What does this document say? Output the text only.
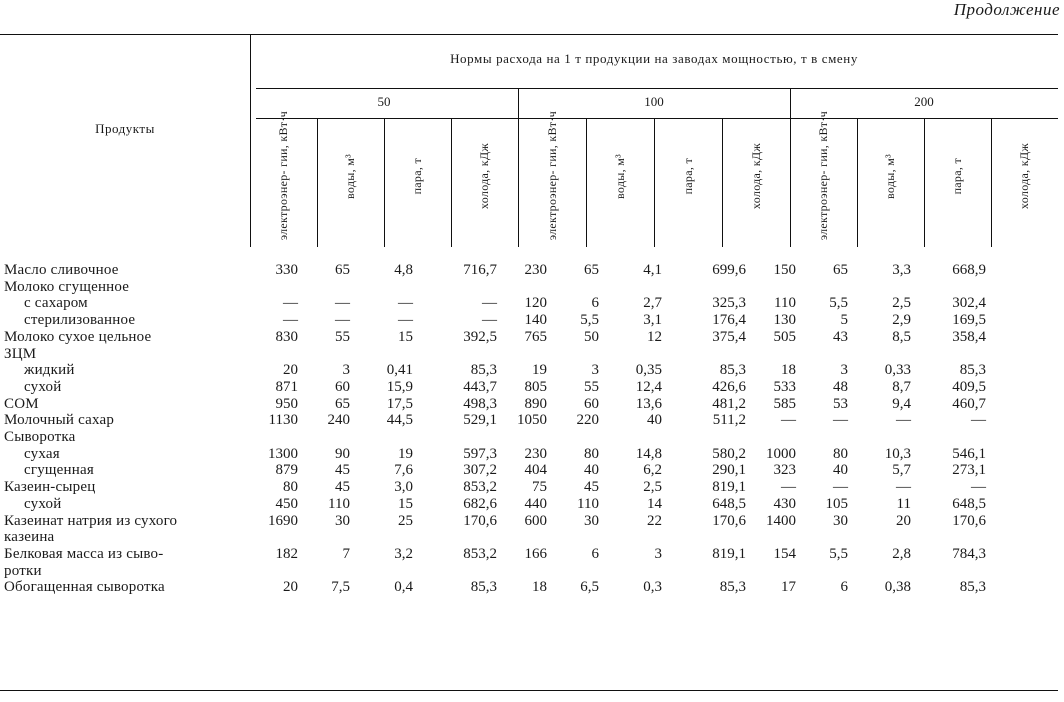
Продолжение
Нормы расхода на 1 т продукции на заводах мощностью, т в смену
Продукты
50	100	200
электроэнер- гии, кВт·ч	воды, м³	пара, т	холода, кДж	электроэнер- гии, кВт·ч	воды, м³	пара, т	холода, кДж	электроэнер- гии, кВт·ч	воды, м³	пара, т	холода, кДж
Масло сливочное	330	65	4,8	716,7	230	65	4,1	699,6	150	65	3,3	668,9
Молоко сгущенное												
с сахаром	—	—	—	—	120	6	2,7	325,3	110	5,5	2,5	302,4
стерилизованное	—	—	—	—	140	5,5	3,1	176,4	130	5	2,9	169,5
Молоко сухое цельное	830	55	15	392,5	765	50	12	375,4	505	43	8,5	358,4
ЗЦМ												
жидкий	20	3	0,41	85,3	19	3	0,35	85,3	18	3	0,33	85,3
сухой	871	60	15,9	443,7	805	55	12,4	426,6	533	48	8,7	409,5
СОМ	950	65	17,5	498,3	890	60	13,6	481,2	585	53	9,4	460,7
Молочный сахар	1130	240	44,5	529,1	1050	220	40	511,2	—	—	—	—
Сыворотка												
сухая	1300	90	19	597,3	230	80	14,8	580,2	1000	80	10,3	546,1
сгущенная	879	45	7,6	307,2	404	40	6,2	290,1	323	40	5,7	273,1
Казеин-сырец	80	45	3,0	853,2	75	45	2,5	819,1	—	—	—	—
сухой	450	110	15	682,6	440	110	14	648,5	430	105	11	648,5
Казеинат натрия из сухого	1690	30	25	170,6	600	30	22	170,6	1400	30	20	170,6
казеина												
Белковая масса из сыво-	182	7	3,2	853,2	166	6	3	819,1	154	5,5	2,8	784,3
ротки												
Обогащенная сыворотка	20	7,5	0,4	85,3	18	6,5	0,3	85,3	17	6	0,38	85,3
